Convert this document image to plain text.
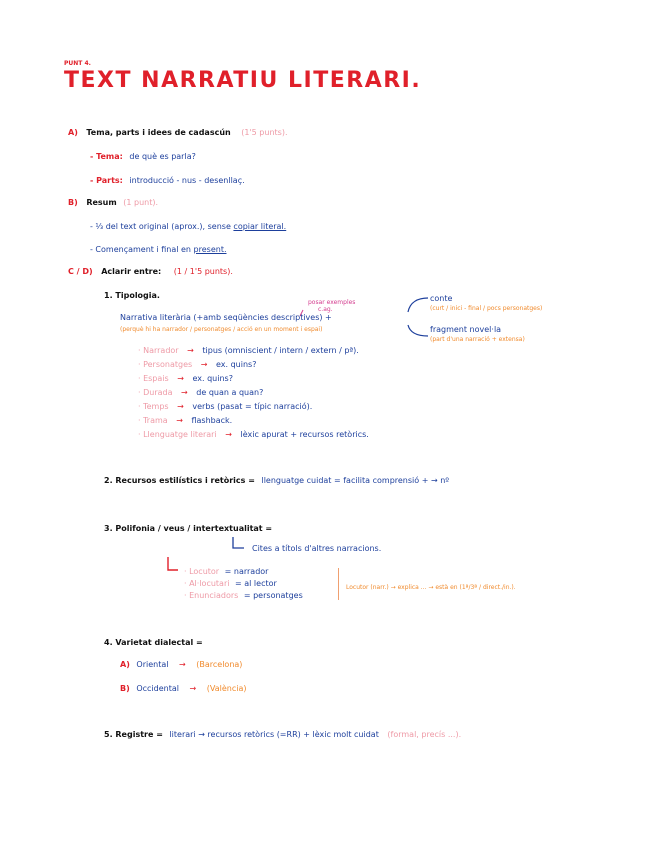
PUNT 4.
TEXT NARRATIU LITERARI.
A) Tema, parts i idees de cadascún (1'5 punts).
- Tema: de què es parla?
- Parts: introducció - nus - desenllaç.
B) Resum (1 punt).
- ⅓ del text original (aprox.), sense copiar literal.
- Començament i final en present.
C / D) Aclarir entre: (1 / 1'5 punts).
1. Tipologia.
posar exemples
c.ag.
Narrativa literària (+amb seqüències descriptives) +
(perquè hi ha narrador / personatges / acció en un moment i espai)
conte
(curt / inici - final / pocs personatges)
fragment novel·la
(part d'una narració + extensa)
· Narrador → tipus (omniscient / intern / extern / pª).
· Personatges → ex. quins?
· Espais → ex. quins?
· Durada → de quan a quan?
· Temps → verbs (pasat = típic narració).
· Trama → flashback.
· Llenguatge literari → lèxic apurat + recursos retòrics.
2. Recursos estilístics i retòrics = llenguatge cuidat = facilita comprensió + → nº
3. Polifonia / veus / intertextualitat =
Cites a títols d'altres narracions.
· Locutor = narrador
· Al·locutari = al lector
· Enunciadors = personatges
Locutor (narr.) → explica ... → està en (1ª/3ª / direct./in.).
4. Varietat dialectal =
A) Oriental → (Barcelona)
B) Occidental → (València)
5. Registre = literari → recursos retòrics (=RR) + lèxic molt cuidat (formal, precís ...).
